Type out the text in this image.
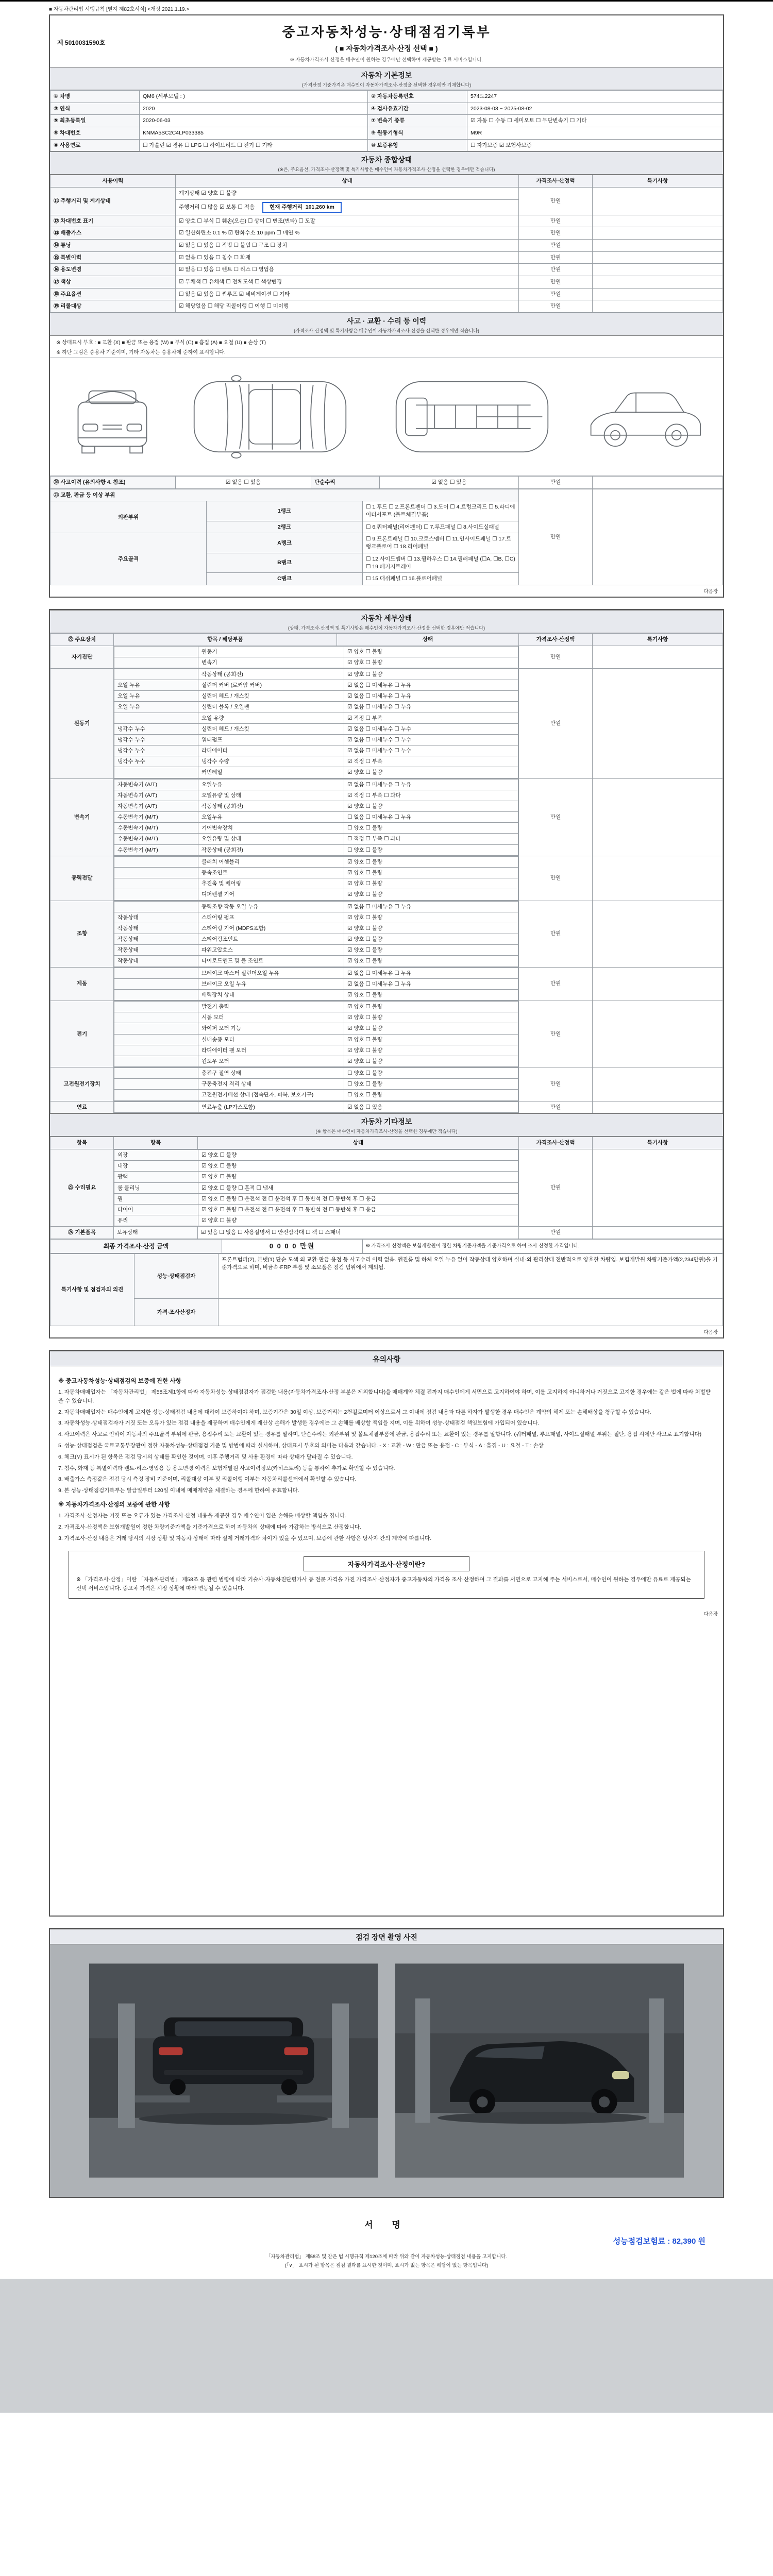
■ 자동차관리법 시행규칙 [별지 제82호서식] <개정 2021.1.19.>
제 5010031590호
중고자동차성능·상태점검기록부
( ■ 자동차가격조사·산정 선택 ■ )
※ 자동차가격조사·산정은 매수인이 원하는 경우에만 선택하여 제공받는 유료 서비스입니다.
자동차 기본정보
(가격산정 기준가격은 매수인이 자동차가격조사·산정을 선택한 경우에만 기재합니다)
① 차명	QM6 (세부모델 : )	② 자동차등록번호	574도2247
③ 연식	2020	④ 검사유효기간	2023-08-03 ~ 2025-08-02
⑤ 최초등록일	2020-06-03	⑦ 변속기 종류	☑ 자동 ☐ 수동 ☐ 세미오토 ☐ 무단변속기 ☐ 기타
⑥ 차대번호	KNMA5SC2C4LP033385	⑨ 원동기형식	M9R
⑧ 사용연료	☐ 가솔린 ☑ 경유 ☐ LPG ☐ 하이브리드 ☐ 전기 ☐ 기타	⑩ 보증유형	☐ 자가보증 ☑ 보험사보증
자동차 종합상태
(※은, 주요옵션, 가격조사·산정액 및 특기사항은 매수인이 자동차가격조사·산정을 선택한 경우에만 적습니다)
사용이력	상태	가격조사·산정액	특기사항
⑪ 주행거리 및 계기상태	계기상태 ☑ 양호 ☐ 불량	만원	
	주행거리 ☐ 많음 ☑ 보통 ☐ 적음 현재 주행거리 101,260 km		
⑫ 차대번호 표기	☑ 양호 ☐ 부식 ☐ 훼손(오손) ☐ 상이 ☐ 변조(변타) ☐ 도말	만원	
⑬ 배출가스	☑ 일산화탄소 0.1 % ☑ 탄화수소 10 ppm ☐ 매연 %	만원	
⑭ 튜닝	☑ 없음 ☐ 있음 ☐ 적법 ☐ 불법 ☐ 구조 ☐ 장치	만원	
⑮ 특별이력	☑ 없음 ☐ 있음 ☐ 침수 ☐ 화재	만원	
⑯ 용도변경	☑ 없음 ☐ 있음 ☐ 렌트 ☐ 리스 ☐ 영업용	만원	
⑰ 색상	☑ 무채색 ☐ 유채색 ☐ 전체도색 ☐ 색상변경	만원	
⑱ 주요옵션	☐ 없음 ☑ 있음 ☐ 썬루프 ☑ 네비게이션 ☐ 기타	만원	
⑲ 리콜대상	☑ 해당없음 ☐ 해당 리콜이행 ☐ 이행 ☐ 미이행	만원	
사고 · 교환 · 수리 등 이력
(가격조사·산정액 및 특기사항은 매수인이 자동차가격조사·산정을 선택한 경우에만 적습니다)
※ 상태표시 부호 : ■ 교환 (X) ■ 판금 또는 용접 (W) ■ 부식 (C) ■ 흠집 (A) ■ 요철 (U) ■ 손상 (T)
※ 하단 그림은 승용차 기준이며, 기타 자동차는 승용차에 준하여 표시합니다.
⑳ 사고이력 (유의사항 4. 참조)	☑ 없음 ☐ 있음	단순수리	☑ 없음 ☐ 있음	만원	
㉑ 교환, 판금 등 이상 부위			만원	
외판부위	1랭크	☐ 1.후드 ☐ 2.프론트펜더 ☐ 3.도어 ☐ 4.트렁크리드 ☐ 5.라디에이터서포트 (볼트체결부품)		
	2랭크	☐ 6.쿼터패널(리어펜더) ☐ 7.루프패널 ☐ 8.사이드실패널		
주요골격	A랭크	☐ 9.프론트패널 ☐ 10.크로스멤버 ☐ 11.인사이드패널 ☐ 17.트렁크플로어 ☐ 18.리어패널		
	B랭크	☐ 12.사이드멤버 ☐ 13.휠하우스 ☐ 14.필러패널 (☐A, ☐B, ☐C) ☐ 19.패키지트레이		
	C랭크	☐ 15.대쉬패널 ☐ 16.플로어패널		
다음장
자동차 세부상태
(상태, 가격조사·산정액 및 특기사항은 매수인이 자동차가격조사·산정을 선택한 경우에만 적습니다)
㉒ 주요장치	항목 / 해당부품	상태	가격조사·산정액	특기사항
자기진단	
	원동기	☑ 양호 ☐ 불량
	변속기	☑ 양호 ☐ 불량
	만원	
원동기	
	작동상태 (공회전)	☑ 양호 ☐ 불량
오일 누유	실린더 커버 (로커암 커버)	☑ 없음 ☐ 미세누유 ☐ 누유
오일 누유	실린더 헤드 / 개스킷	☑ 없음 ☐ 미세누유 ☐ 누유
오일 누유	실린더 블록 / 오일팬	☑ 없음 ☐ 미세누유 ☐ 누유
	오일 유량	☑ 적정 ☐ 부족
냉각수 누수	실린더 헤드 / 개스킷	☑ 없음 ☐ 미세누수 ☐ 누수
냉각수 누수	워터펌프	☑ 없음 ☐ 미세누수 ☐ 누수
냉각수 누수	라디에이터	☑ 없음 ☐ 미세누수 ☐ 누수
냉각수 누수	냉각수 수량	☑ 적정 ☐ 부족
	커먼레일	☑ 양호 ☐ 불량
	만원	
변속기	
자동변속기 (A/T)	오일누유	☑ 없음 ☐ 미세누유 ☐ 누유
자동변속기 (A/T)	오일유량 및 상태	☑ 적정 ☐ 부족 ☐ 과다
자동변속기 (A/T)	작동상태 (공회전)	☑ 양호 ☐ 불량
수동변속기 (M/T)	오일누유	☐ 없음 ☐ 미세누유 ☐ 누유
수동변속기 (M/T)	기어변속장치	☐ 양호 ☐ 불량
수동변속기 (M/T)	오일유량 및 상태	☐ 적정 ☐ 부족 ☐ 과다
수동변속기 (M/T)	작동상태 (공회전)	☐ 양호 ☐ 불량
	만원	
동력전달	
	클러치 어셈블리	☑ 양호 ☐ 불량
	등속조인트	☑ 양호 ☐ 불량
	추진축 및 베어링	☑ 양호 ☐ 불량
	디퍼렌셜 기어	☑ 양호 ☐ 불량
	만원	
조향	
	동력조향 작동 오일 누유	☑ 없음 ☐ 미세누유 ☐ 누유
작동상태	스티어링 펌프	☑ 양호 ☐ 불량
작동상태	스티어링 기어 (MDPS포함)	☑ 양호 ☐ 불량
작동상태	스티어링조인트	☑ 양호 ☐ 불량
작동상태	파워고압호스	☑ 양호 ☐ 불량
작동상태	타이로드엔드 및 볼 조인트	☑ 양호 ☐ 불량
	만원	
제동	
	브레이크 마스터 실린더오일 누유	☑ 없음 ☐ 미세누유 ☐ 누유
	브레이크 오일 누유	☑ 없음 ☐ 미세누유 ☐ 누유
	배력장치 상태	☑ 양호 ☐ 불량
	만원	
전기	
	발전기 출력	☑ 양호 ☐ 불량
	시동 모터	☑ 양호 ☐ 불량
	와이퍼 모터 기능	☑ 양호 ☐ 불량
	실내송풍 모터	☑ 양호 ☐ 불량
	라디에이터 팬 모터	☑ 양호 ☐ 불량
	윈도우 모터	☑ 양호 ☐ 불량
	만원	
고전원전기장치	
	충전구 절연 상태	☐ 양호 ☐ 불량
	구동축전지 격리 상태	☐ 양호 ☐ 불량
	고전원전기배선 상태 (접속단자, 피복, 보호기구)	☐ 양호 ☐ 불량
	만원	
연료	
		연료누출 (LP가스포함)	☑ 없음 ☐ 있음
		만원	
자동차 기타정보
(※ 항목은 매수인이 자동차가격조사·산정을 선택한 경우에만 적습니다)
항목	항목	상태	가격조사·산정액	특기사항
㉓ 수리필요	
외장	☑ 양호 ☐ 불량
내장	☑ 양호 ☐ 불량
광택	☑ 양호 ☐ 불량
룸 클리닝	☑ 양호 ☐ 불량 ☐ 흔적 ☐ 냄새
휠	☑ 양호 ☐ 불량 ☐ 운전석 전 ☐ 운전석 후 ☐ 동반석 전 ☐ 동반석 후 ☐ 응급
타이어	☑ 양호 ☐ 불량 ☐ 운전석 전 ☐ 운전석 후 ☐ 동반석 전 ☐ 동반석 후 ☐ 응급
유리	☑ 양호 ☐ 불량
	만원	
㉔ 기본품목	보유상태	☑ 있음 ☐ 없음 ☐ 사용설명서 ☐ 안전삼각대 ☐ 잭 ☐ 스패너	만원	
최종 가격조사·산정 금액	0 0 0 0 만원	※ 가격조사·산정액은 보험개발원이 정한 차량기준가액을 기준가격으로 하여 조사·산정한 가격입니다.
특기사항 및 점검자의 의견	성능·상태점검자	프론트범퍼(2), 본넷(1) 단순 도색 외 교환·판금·용접 등 사고수리 이력 없음. 엔진룸 및 하체 오일 누유 없이 작동상태 양호하며 실내·외 관리상태 전반적으로 양호한 차량임. 보험개발원 차량기준가액(2,234만원)을 기준가격으로 하며, 비금속·FRP 부품 및 소모품은 점검 범위에서 제외됨.
	가격·조사산정자	
다음장
유의사항
※ 중고자동차성능·상태점검의 보증에 관한 사항
1. 자동차매매업자는 「자동차관리법」 제58조제1항에 따라 자동차성능·상태점검자가 점검한 내용(자동차가격조사·산정 부분은 제외합니다)을 매매계약 체결 전까지 매수인에게 서면으로 고지하여야 하며, 이를 고지하지 아니하거나 거짓으로 고지한 경우에는 같은 법에 따라 처벌받을 수 있습니다.
2. 자동차매매업자는 매수인에게 고지한 성능·상태점검 내용에 대하여 보증하여야 하며, 보증기간은 30일 이상, 보증거리는 2천킬로미터 이상으로서 그 이내에 점검 내용과 다른 하자가 발생한 경우 매수인은 계약의 해제 또는 손해배상을 청구할 수 있습니다.
3. 자동차성능·상태점검자가 거짓 또는 오류가 있는 점검 내용을 제공하여 매수인에게 재산상 손해가 발생한 경우에는 그 손해를 배상할 책임을 지며, 이를 위하여 성능·상태점검 책임보험에 가입되어 있습니다.
4. 사고이력은 사고로 인하여 자동차의 주요골격 부위에 판금, 용접수리 또는 교환이 있는 경우를 말하며, 단순수리는 외판부위 및 볼트체결부품에 판금, 용접수리 또는 교환이 있는 경우를 말합니다. (쿼터패널, 루프패널, 사이드실패널 부위는 절단, 용접 시에만 사고로 표기합니다)
5. 성능·상태점검은 국토교통부장관이 정한 자동차성능·상태점검 기준 및 방법에 따라 실시하며, 상태표시 부호의 의미는 다음과 같습니다. - X : 교환 - W : 판금 또는 용접 - C : 부식 - A : 흠집 - U : 요철 - T : 손상
6. 체크(∨) 표시가 된 항목은 점검 당시의 상태를 확인한 것이며, 이후 주행거리 및 사용 환경에 따라 상태가 달라질 수 있습니다.
7. 침수, 화재 등 특별이력과 렌트·리스·영업용 등 용도변경 이력은 보험개발원 사고이력정보(카히스토리) 등을 통하여 추가로 확인할 수 있습니다.
8. 배출가스 측정값은 점검 당시 측정 장비 기준이며, 리콜대상 여부 및 리콜이행 여부는 자동차리콜센터에서 확인할 수 있습니다.
9. 본 성능·상태점검기록부는 발급일부터 120일 이내에 매매계약을 체결하는 경우에 한하여 유효합니다.
※ 자동차가격조사·산정의 보증에 관한 사항
1. 가격조사·산정자는 거짓 또는 오류가 있는 가격조사·산정 내용을 제공한 경우 매수인이 입은 손해를 배상할 책임을 집니다.
2. 가격조사·산정액은 보험개발원이 정한 차량기준가액을 기준가격으로 하여 자동차의 상태에 따라 가감하는 방식으로 산정합니다.
3. 가격조사·산정 내용은 거래 당시의 시장 상황 및 자동차 상태에 따라 실제 거래가격과 차이가 있을 수 있으며, 보증에 관한 사항은 당사자 간의 계약에 따릅니다.
자동차가격조사·산정이란?
※ 「가격조사·산정」이란 「자동차관리법」 제58조 등 관련 법령에 따라 기술사·자동차진단평가사 등 전문 자격을 가진 가격조사·산정자가 중고자동차의 가격을 조사·산정하여 그 결과를 서면으로 고지해 주는 서비스로서, 매수인이 원하는 경우에만 유료로 제공되는 선택 서비스입니다. 중고차 가격은 시장 상황에 따라 변동될 수 있습니다.
다음장
점검 장면 촬영 사진
서 명
성능점검보험료 : 82,390 원
「자동차관리법」 제58조 및 같은 법 시행규칙 제120조에 따라 위와 같이 자동차성능·상태점검 내용을 고지합니다.
(「∨」 표시가 된 항목은 점검 결과를 표시한 것이며, 표시가 없는 항목은 해당이 없는 항목입니다)
